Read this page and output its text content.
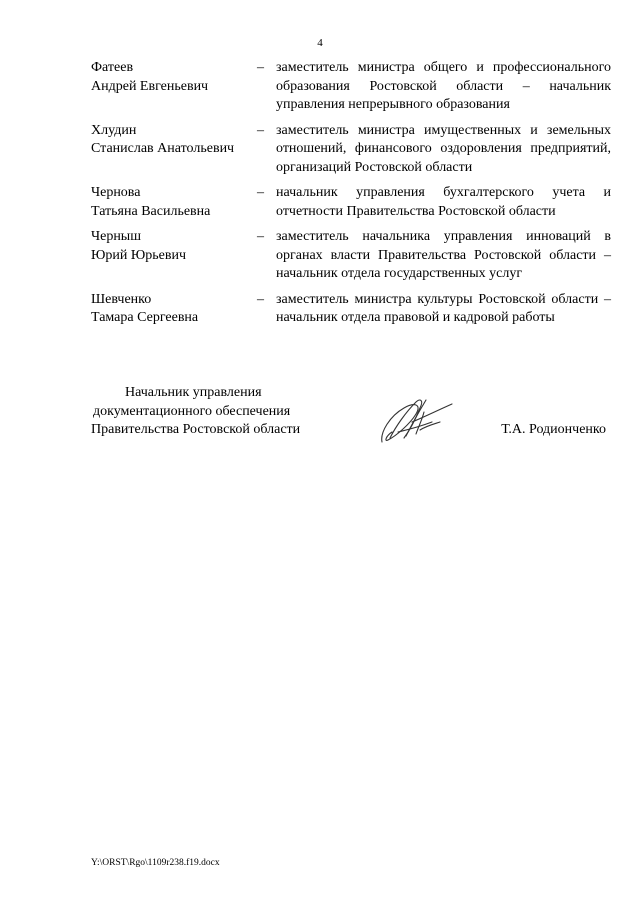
4
Фатеев
Андрей Евгеньевич
– заместитель министра общего и профессионального образования Ростовской области – начальник управления непрерывного образования
Хлудин
Станислав Анатольевич
– заместитель министра имущественных и земельных отношений, финансового оздоровления предприятий, организаций Ростовской области
Чернова
Татьяна Васильевна
– начальник управления бухгалтерского учета и отчетности Правительства Ростовской области
Черныш
Юрий Юрьевич
– заместитель начальника управления инноваций в органах власти Правительства Ростовской области – начальник отдела государственных услуг
Шевченко
Тамара Сергеевна
– заместитель министра культуры Ростовской области – начальник отдела правовой и кадровой работы
Начальник управления
документационного обеспечения
Правительства Ростовской области	Т.А. Родионченко
Y:\ORST\Rgo\1109r238.f19.docx
